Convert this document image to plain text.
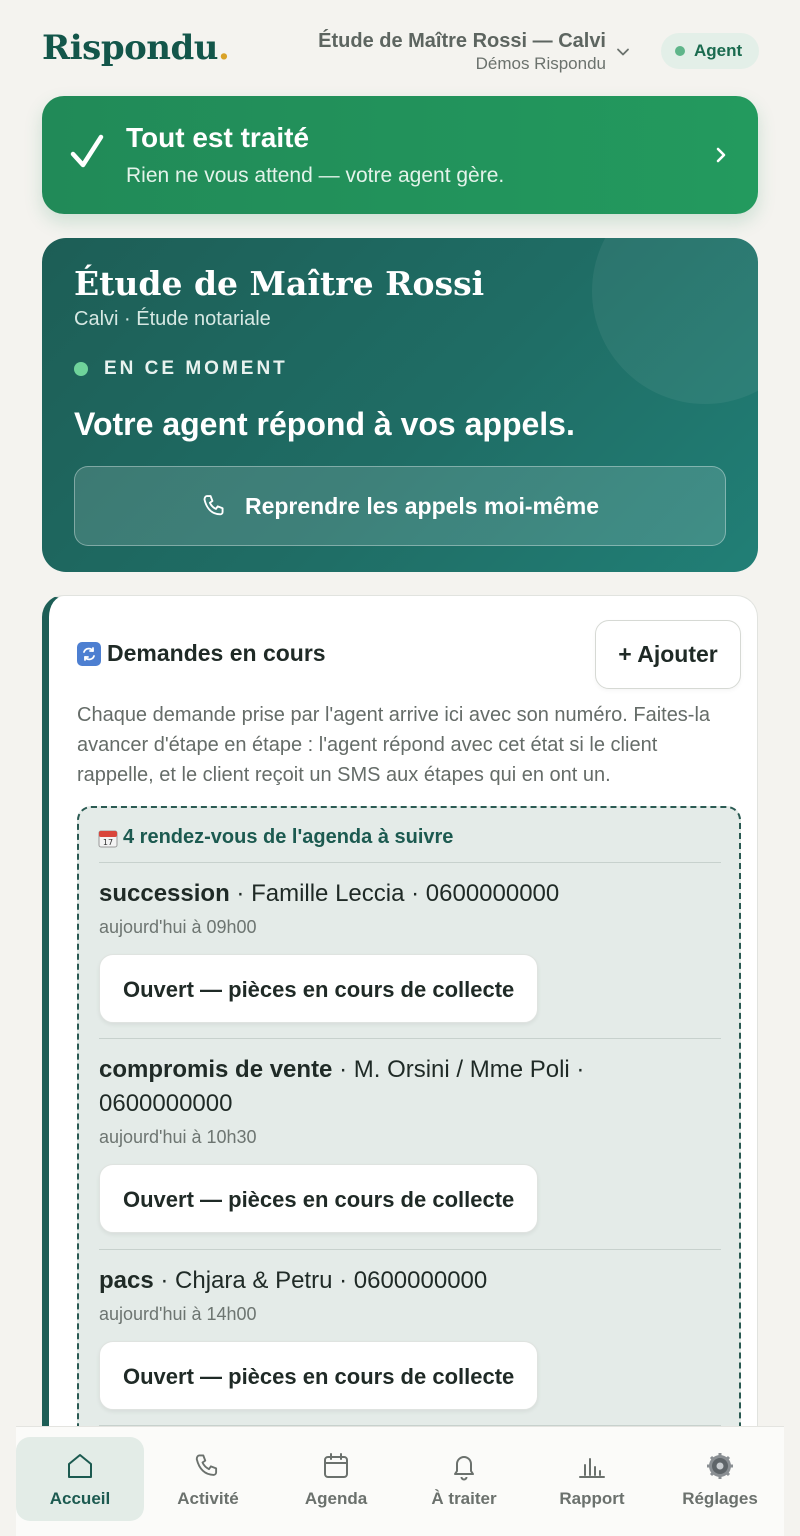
Rispondu.	Étude de Maître Rossi — Calvi
Démos Rispondu
Agent
Tout est traité
Rien ne vous attend — votre agent gère.
Étude de Maître Rossi
Calvi · Étude notariale
EN CE MOMENT
Votre agent répond à vos appels.
Reprendre les appels moi-même
Demandes en cours	+ Ajouter
Chaque demande prise par l'agent arrive ici avec son numéro. Faites-la avancer d'étape en étape : l'agent répond avec cet état si le client rappelle, et le client reçoit un SMS aux étapes qui en ont un.
17 4 rendez-vous de l'agenda à suivre
succession · Famille Leccia · 0600000000
aujourd'hui à 09h00
Ouvert — pièces en cours de collecte
compromis de vente · M. Orsini / Mme Poli · 0600000000
aujourd'hui à 10h30
Ouvert — pièces en cours de collecte
pacs · Chjara & Petru · 0600000000
aujourd'hui à 14h00
Ouvert — pièces en cours de collecte
Accueil	Activité	Agenda	À traiter	Rapport	Réglages
